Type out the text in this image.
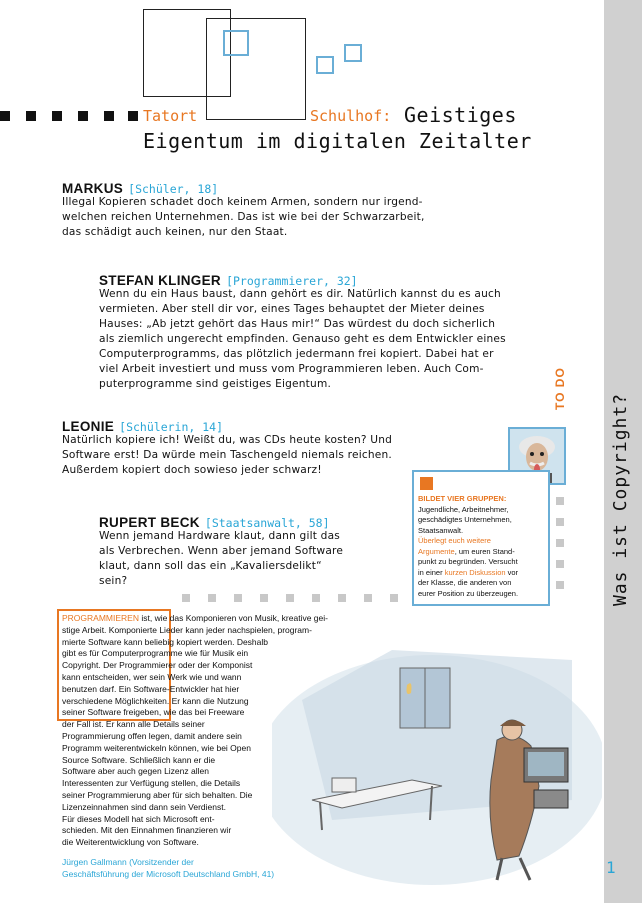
Was ist Copyright?
1
Tatort	Schulhof: Geistiges
Eigentum im digitalen Zeitalter
MARKUS [Schüler, 18]
Illegal Kopieren schadet doch keinem Armen, sondern nur irgend-
welchen reichen Unternehmen. Das ist wie bei der Schwarzarbeit,
das schädigt auch keinen, nur den Staat.
STEFAN KLINGER [Programmierer, 32]
Wenn du ein Haus baust, dann gehört es dir. Natürlich kannst du es auch
vermieten. Aber stell dir vor, eines Tages behauptet der Mieter deines
Hauses: „Ab jetzt gehört das Haus mir!“ Das würdest du doch sicherlich
als ziemlich ungerecht empfinden. Genauso geht es dem Entwickler eines
Computerprogramms, das plötzlich jedermann frei kopiert. Dabei hat er
viel Arbeit investiert und muss vom Programmieren leben. Auch Com-
puterprogramme sind geistiges Eigentum.
LEONIE [Schülerin, 14]
Natürlich kopiere ich! Weißt du, was CDs heute kosten? Und
Software erst! Da würde mein Taschengeld niemals reichen.
Außerdem kopiert doch sowieso jeder schwarz!
RUPERT BECK [Staatsanwalt, 58]
Wenn jemand Hardware klaut, dann gilt das
als Verbrechen. Wenn aber jemand Software
klaut, dann soll das ein „Kavaliersdelikt“
sein?
TO DO
BILDET VIER GRUPPEN:
Jugendliche, Arbeitnehmer,
geschädigtes Unternehmen,
Staatsanwalt.
Überlegt euch weitere
Argumente, um euren Stand-
punkt zu begründen. Versucht
in einer kurzen Diskussion vor
der Klasse, die anderen von
eurer Position zu überzeugen.
PROGRAMMIEREN ist, wie das Komponieren von Musik, kreative gei-
stige Arbeit. Komponierte Lieder kann jeder nachspielen, program-
mierte Software kann beliebig kopiert werden. Deshalb
gibt es für Computerprogramme wie für Musik ein
Copyright. Der Programmierer oder der Komponist
kann entscheiden, wer sein Werk wie und wann
benutzen darf. Ein Software-Entwickler hat hier
verschiedene Möglichkeiten. Er kann die Nutzung
seiner Software freigeben, wie das bei Freeware
der Fall ist. Er kann alle Details seiner
Programmierung offen legen, damit andere sein
Programm weiterentwickeln können, wie bei Open
Source Software. Schließlich kann er die
Software aber auch gegen Lizenz allen
Interessenten zur Verfügung stellen, die Details
seiner Programmierung aber für sich behalten. Die
Lizenzeinnahmen sind dann sein Verdienst.
Für dieses Modell hat sich Microsoft ent-
schieden. Mit den Einnahmen finanzieren wir
die Weiterentwicklung von Software.
Jürgen Gallmann (Vorsitzender der
Geschäftsführung der Microsoft Deutschland GmbH, 41)
